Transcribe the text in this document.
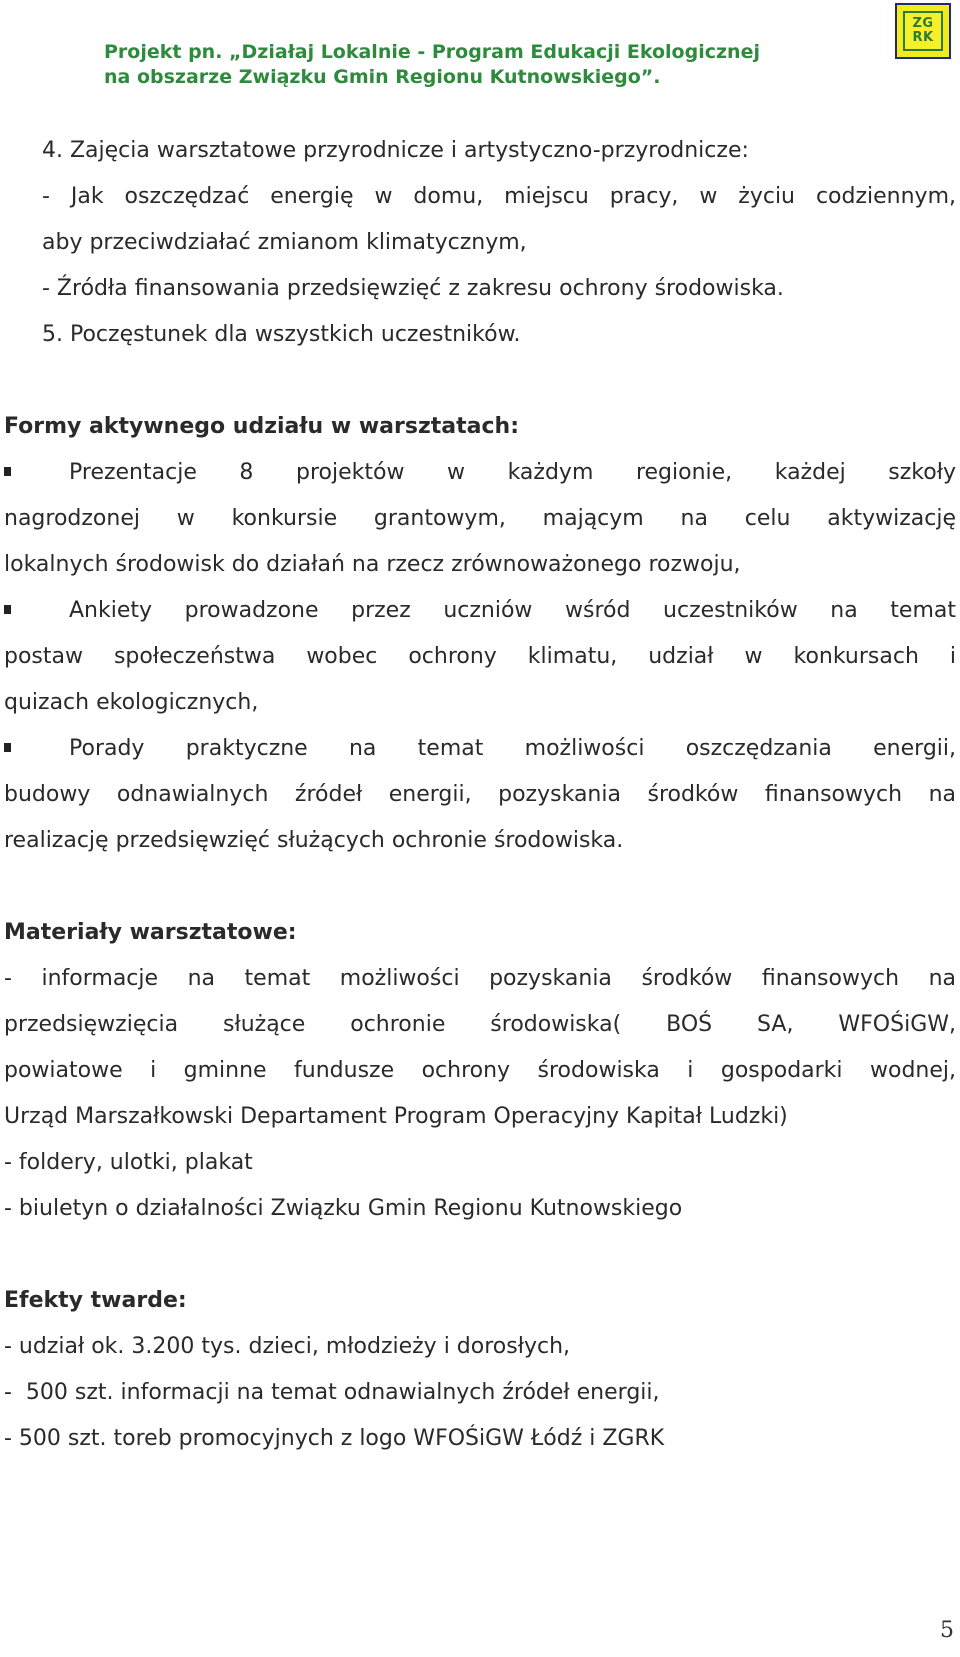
Projekt pn. „Działaj Lokalnie - Program Edukacji Ekologicznej
na obszarze Związku Gmin Regionu Kutnowskiego”.
ZG
RK
4. Zajęcia warsztatowe przyrodnicze i artystyczno-przyrodnicze:
- Jak oszczędzać energię w domu, miejscu pracy, w życiu codziennym,
aby przeciwdziałać zmianom klimatycznym,
- Źródła finansowania przedsięwzięć z zakresu ochrony środowiska.
5. Poczęstunek dla wszystkich uczestników.
Formy aktywnego udziału w warsztatach:
Prezentacje 8 projektów w każdym regionie, każdej szkoły
nagrodzonej w konkursie grantowym, mającym na celu aktywizację
lokalnych środowisk do działań na rzecz zrównoważonego rozwoju,
Ankiety prowadzone przez uczniów wśród uczestników na temat
postaw społeczeństwa wobec ochrony klimatu, udział w konkursach i
quizach ekologicznych,
Porady praktyczne na temat możliwości oszczędzania energii,
budowy odnawialnych źródeł energii, pozyskania środków finansowych na
realizację przedsięwzięć służących ochronie środowiska.
Materiały warsztatowe:
- informacje na temat możliwości pozyskania środków finansowych na
przedsięwzięcia służące ochronie środowiska( BOŚ SA, WFOŚiGW,
powiatowe i gminne fundusze ochrony środowiska i gospodarki wodnej,
Urząd Marszałkowski Departament Program Operacyjny Kapitał Ludzki)
- foldery, ulotki, plakat
- biuletyn o działalności Związku Gmin Regionu Kutnowskiego
Efekty twarde:
- udział ok. 3.200 tys. dzieci, młodzieży i dorosłych,
-  500 szt. informacji na temat odnawialnych źródeł energii,
- 500 szt. toreb promocyjnych z logo WFOŚiGW Łódź i ZGRK
5
